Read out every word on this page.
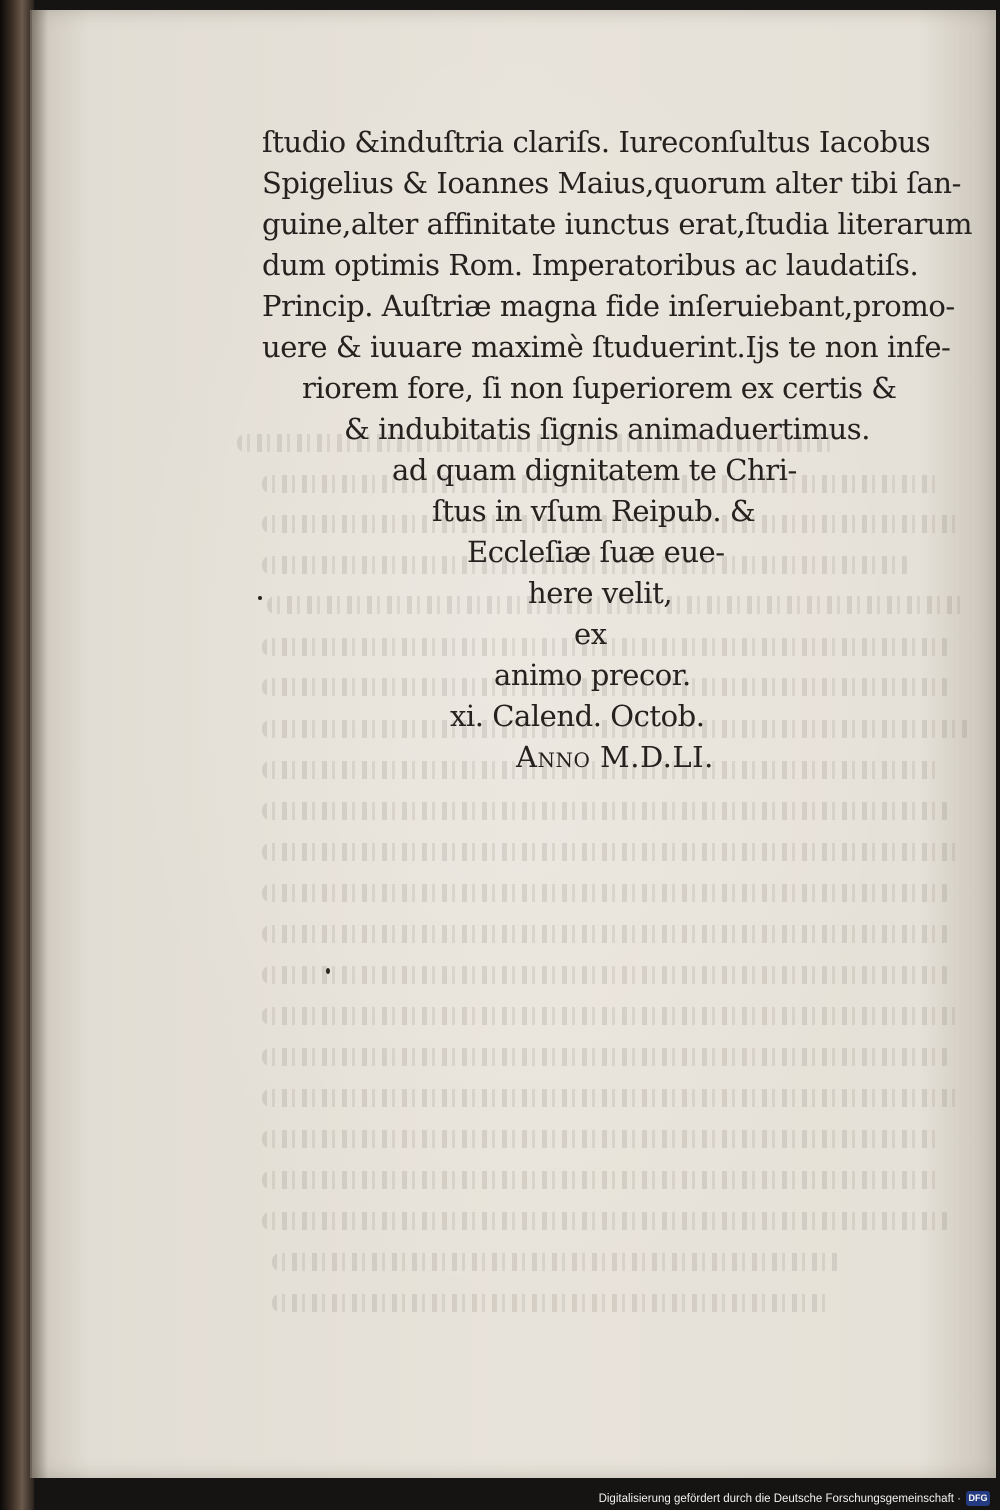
ſtudio &induſtria clariſs. Iureconſultus Iacobus
Spigelius & Ioannes Maius,quorum alter tibi ſan-
guine,alter affinitate iunctus erat,ſtudia literarum
dum optimis Rom. Imperatoribus ac laudatiſs.
Princip. Auſtriæ magna fide inſeruiebant,promo-
uere & iuuare maximè ſtuduerint.Ijs te non infe-
riorem fore, ſi non ſuperiorem ex certis &
& indubitatis ſignis animaduertimus.
ad quam dignitatem te Chri-
ſtus in vſum Reipub. &
Eccleſiæ ſuæ eue-
here velit,
ex
animo precor.
xi. Calend. Octob.
Anno M.D.LI.
Digitalisierung gefördert durch die Deutsche Forschungsgemeinschaft · DFG
